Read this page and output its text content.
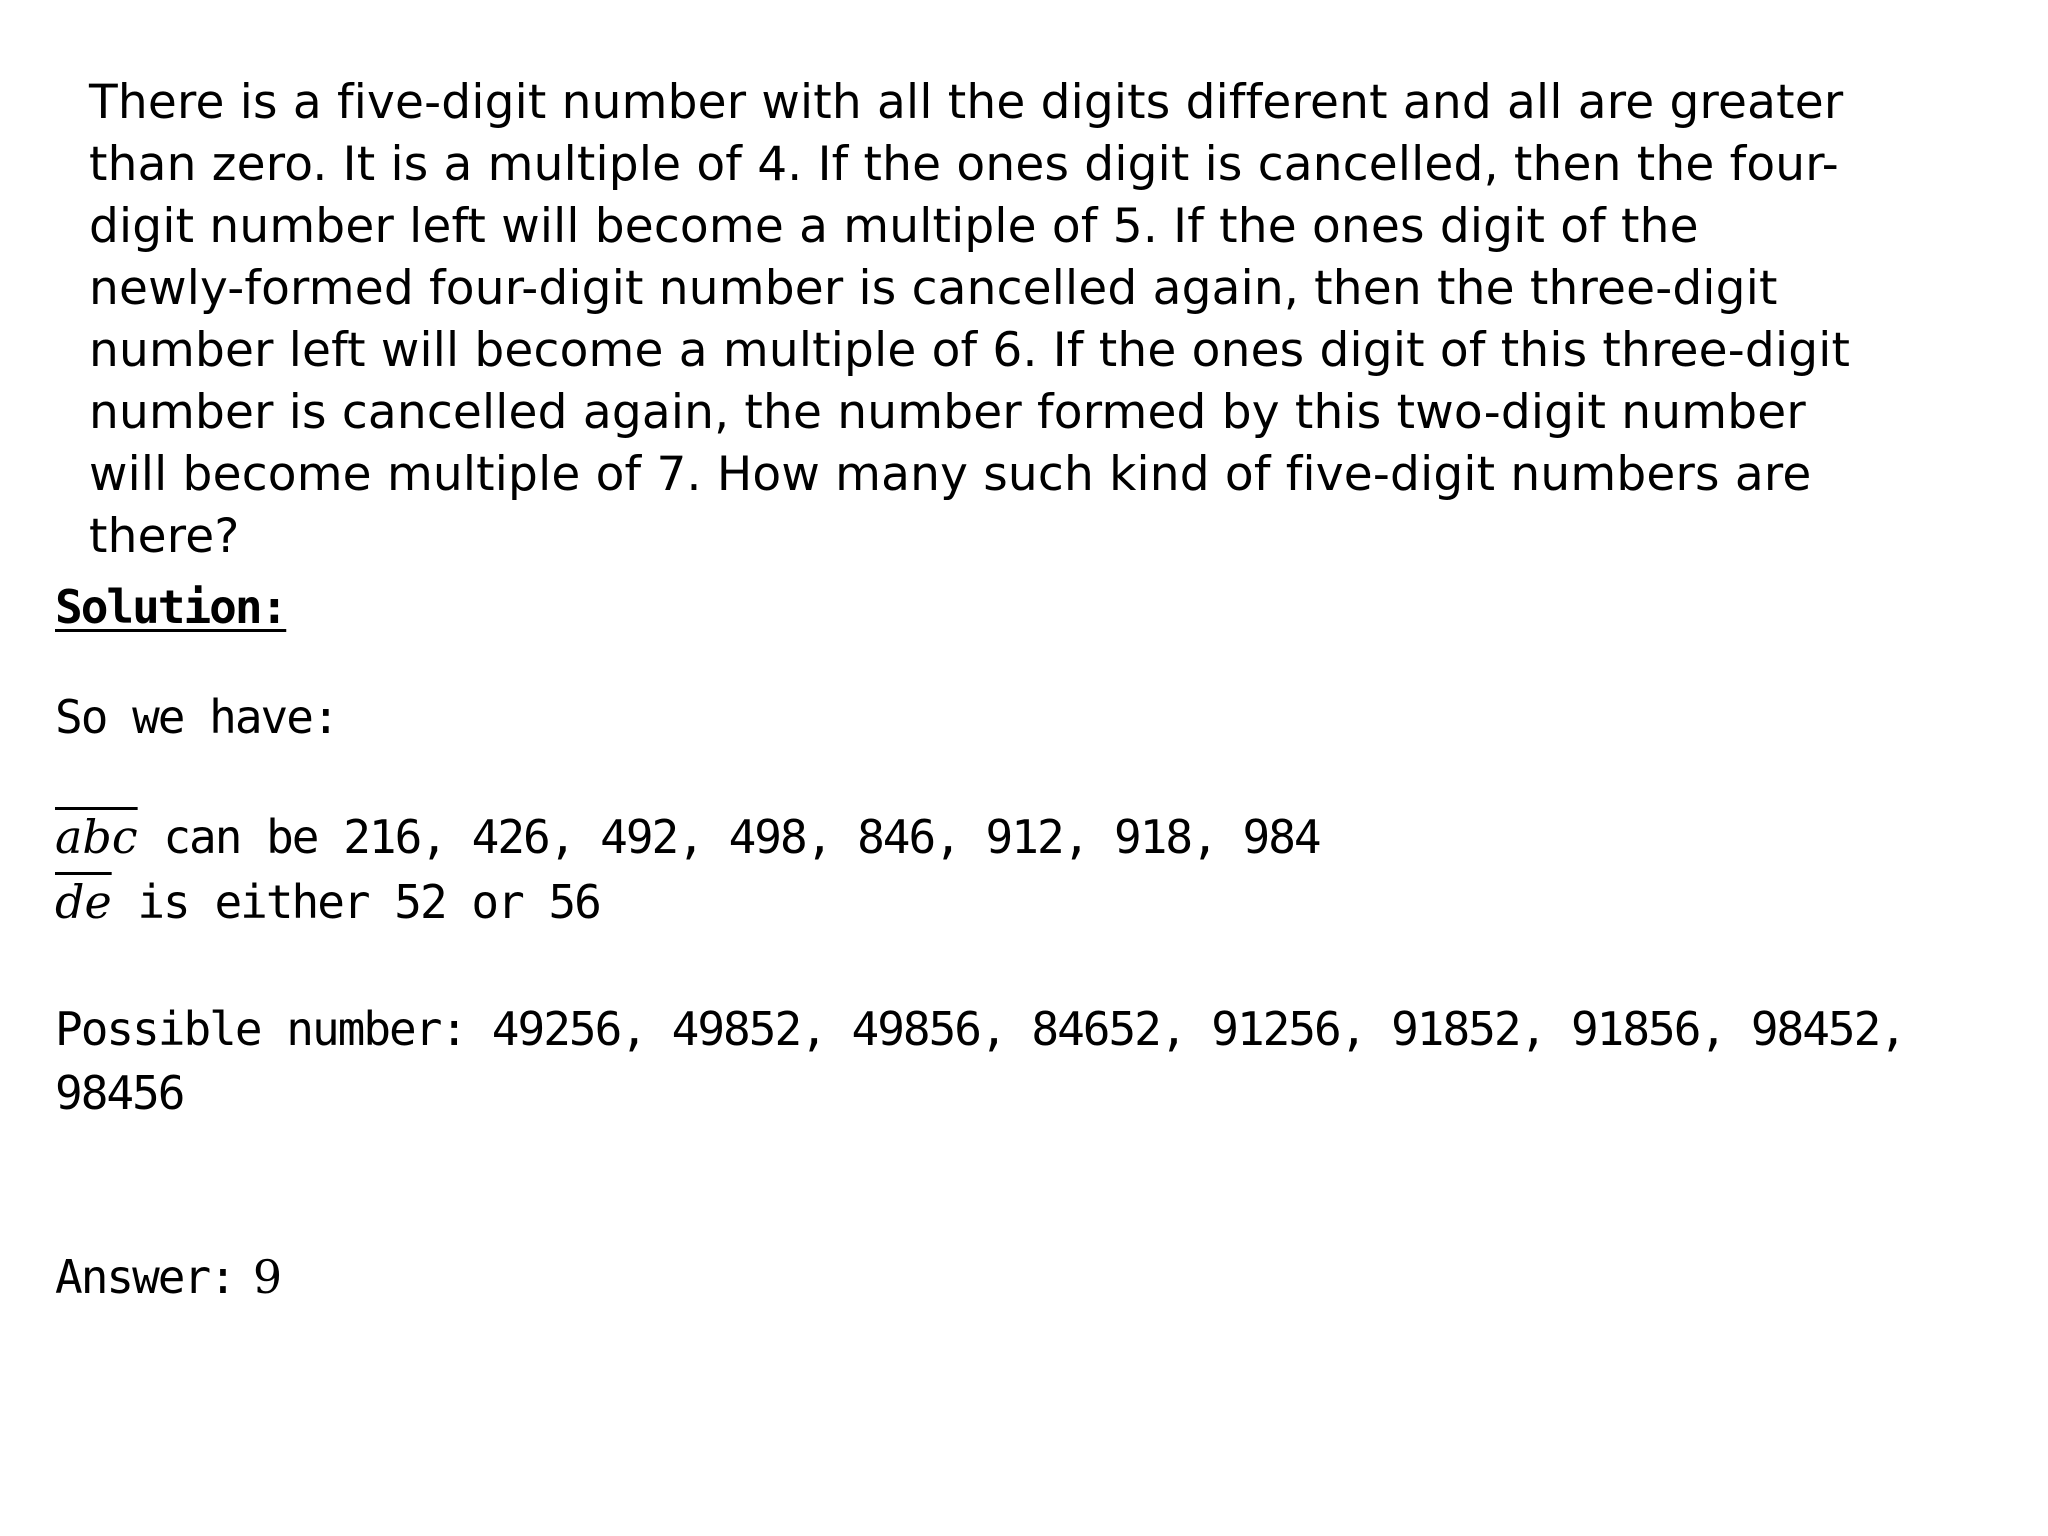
There is a five-digit number with all the digits different and all are greater
than zero. It is a multiple of 4. If the ones digit is cancelled, then the four-
digit number left will become a multiple of 5. If the ones digit of the
newly-formed four-digit number is cancelled again, then the three-digit
number left will become a multiple of 6. If the ones digit of this three-digit
number is cancelled again, the number formed by this two-digit number
will become multiple of 7. How many such kind of five-digit numbers are
there?
Solution:
So we have:
$\overline{abc}$ can be 216, 426, 492, 498, 846, 912, 918, 984
$\overline{de}$ is either 52 or 56
Possible number: 49256, 49852, 49856, 84652, 91256, 91852, 91856, 98452,
98456
Answer: 9
